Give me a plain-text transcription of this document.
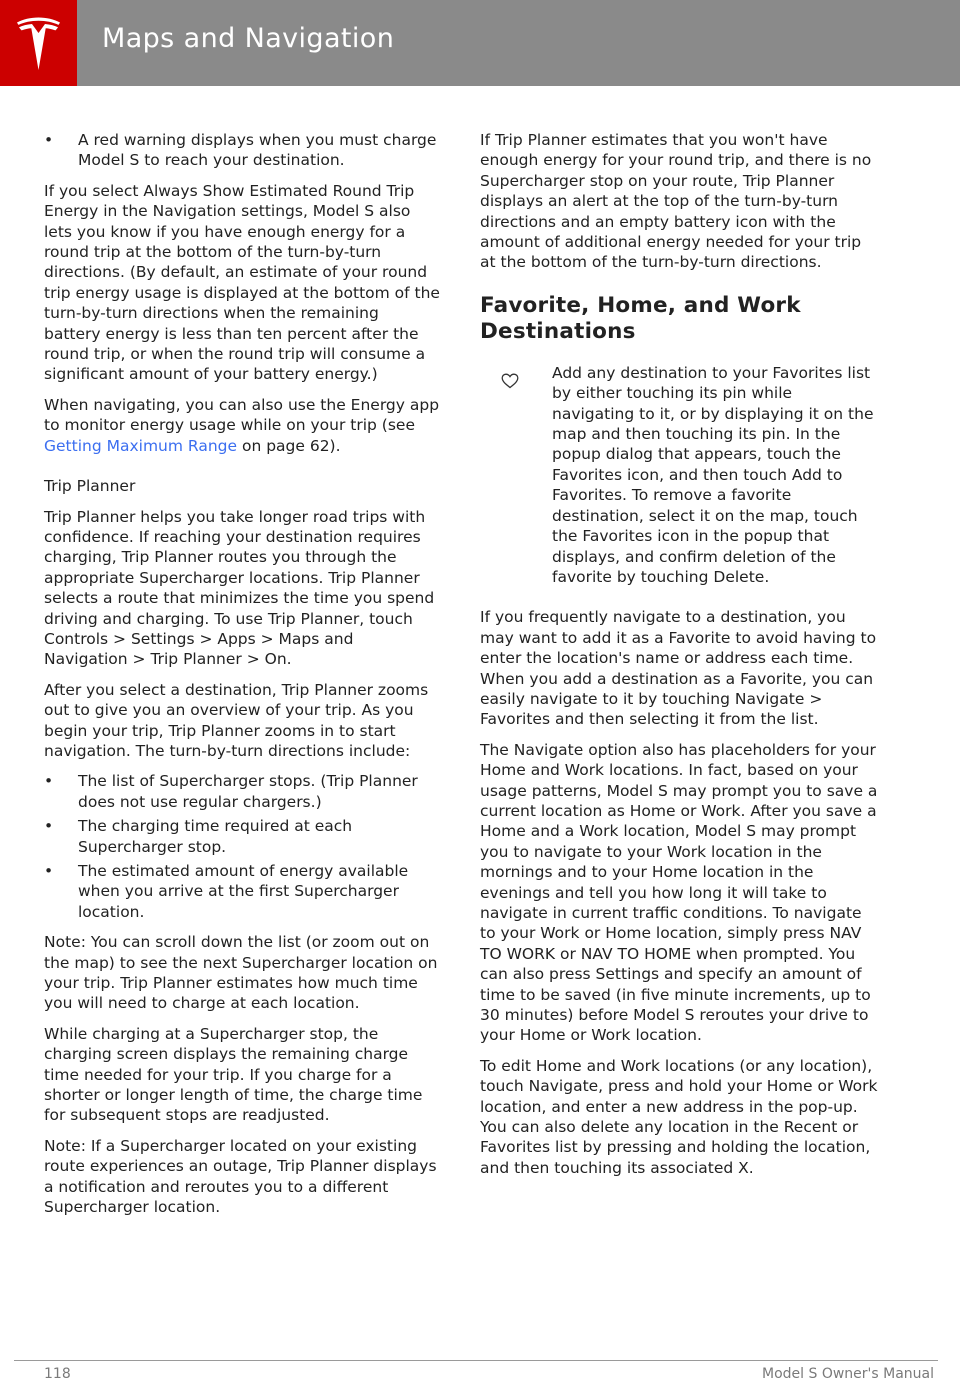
Maps and Navigation
• A red warning displays when you must charge Model S to reach your destination.

If you select Always Show Estimated Round Trip Energy in the Navigation settings, Model S also lets you know if you have enough energy for a round trip at the bottom of the turn-by-turn directions. (By default, an estimate of your round trip energy usage is displayed at the bottom of the turn-by-turn directions when the remaining battery energy is less than ten percent after the round trip, or when the round trip will consume a significant amount of your battery energy.)

When navigating, you can also use the Energy app to monitor energy usage while on your trip (see Getting Maximum Range on page 62).

Trip Planner

Trip Planner helps you take longer road trips with confidence. If reaching your destination requires charging, Trip Planner routes you through the appropriate Supercharger locations. Trip Planner selects a route that minimizes the time you spend driving and charging. To use Trip Planner, touch Controls > Settings > Apps > Maps and Navigation > Trip Planner > On.

After you select a destination, Trip Planner zooms out to give you an overview of your trip. As you begin your trip, Trip Planner zooms in to start navigation. The turn-by-turn directions include:

• The list of Supercharger stops. (Trip Planner does not use regular chargers.)
• The charging time required at each Supercharger stop.
• The estimated amount of energy available when you arrive at the first Supercharger location.

Note: You can scroll down the list (or zoom out on the map) to see the next Supercharger location on your trip. Trip Planner estimates how much time you will need to charge at each location.

While charging at a Supercharger stop, the charging screen displays the remaining charge time needed for your trip. If you charge for a shorter or longer length of time, the charge time for subsequent stops are readjusted.

Note: If a Supercharger located on your existing route experiences an outage, Trip Planner displays a notification and reroutes you to a different Supercharger location.

If Trip Planner estimates that you won't have enough energy for your round trip, and there is no Supercharger stop on your route, Trip Planner displays an alert at the top of the turn-by-turn directions and an empty battery icon with the amount of additional energy needed for your trip at the bottom of the turn-by-turn directions.

Favorite, Home, and Work Destinations
Add any destination to your Favorites list by either touching its pin while navigating to it, or by displaying it on the map and then touching its pin. In the popup dialog that appears, touch the Favorites icon, and then touch Add to Favorites. To remove a favorite destination, select it on the map, touch the Favorites icon in the popup that displays, and confirm deletion of the favorite by touching Delete.

If you frequently navigate to a destination, you may want to add it as a Favorite to avoid having to enter the location's name or address each time. When you add a destination as a Favorite, you can easily navigate to it by touching Navigate > Favorites and then selecting it from the list.

The Navigate option also has placeholders for your Home and Work locations. In fact, based on your usage patterns, Model S may prompt you to save a current location as Home or Work. After you save a Home and a Work location, Model S may prompt you to navigate to your Work location in the mornings and to your Home location in the evenings and tell you how long it will take to navigate in current traffic conditions. To navigate to your Work or Home location, simply press NAV TO WORK or NAV TO HOME when prompted. You can also press Settings and specify an amount of time to be saved (in five minute increments, up to 30 minutes) before Model S reroutes your drive to your Home or Work location.

To edit Home and Work locations (or any location), touch Navigate, press and hold your Home or Work location, and enter a new address in the pop-up. You can also delete any location in the Recent or Favorites list by pressing and holding the location, and then touching its associated X.

118	Model S Owner's Manual
